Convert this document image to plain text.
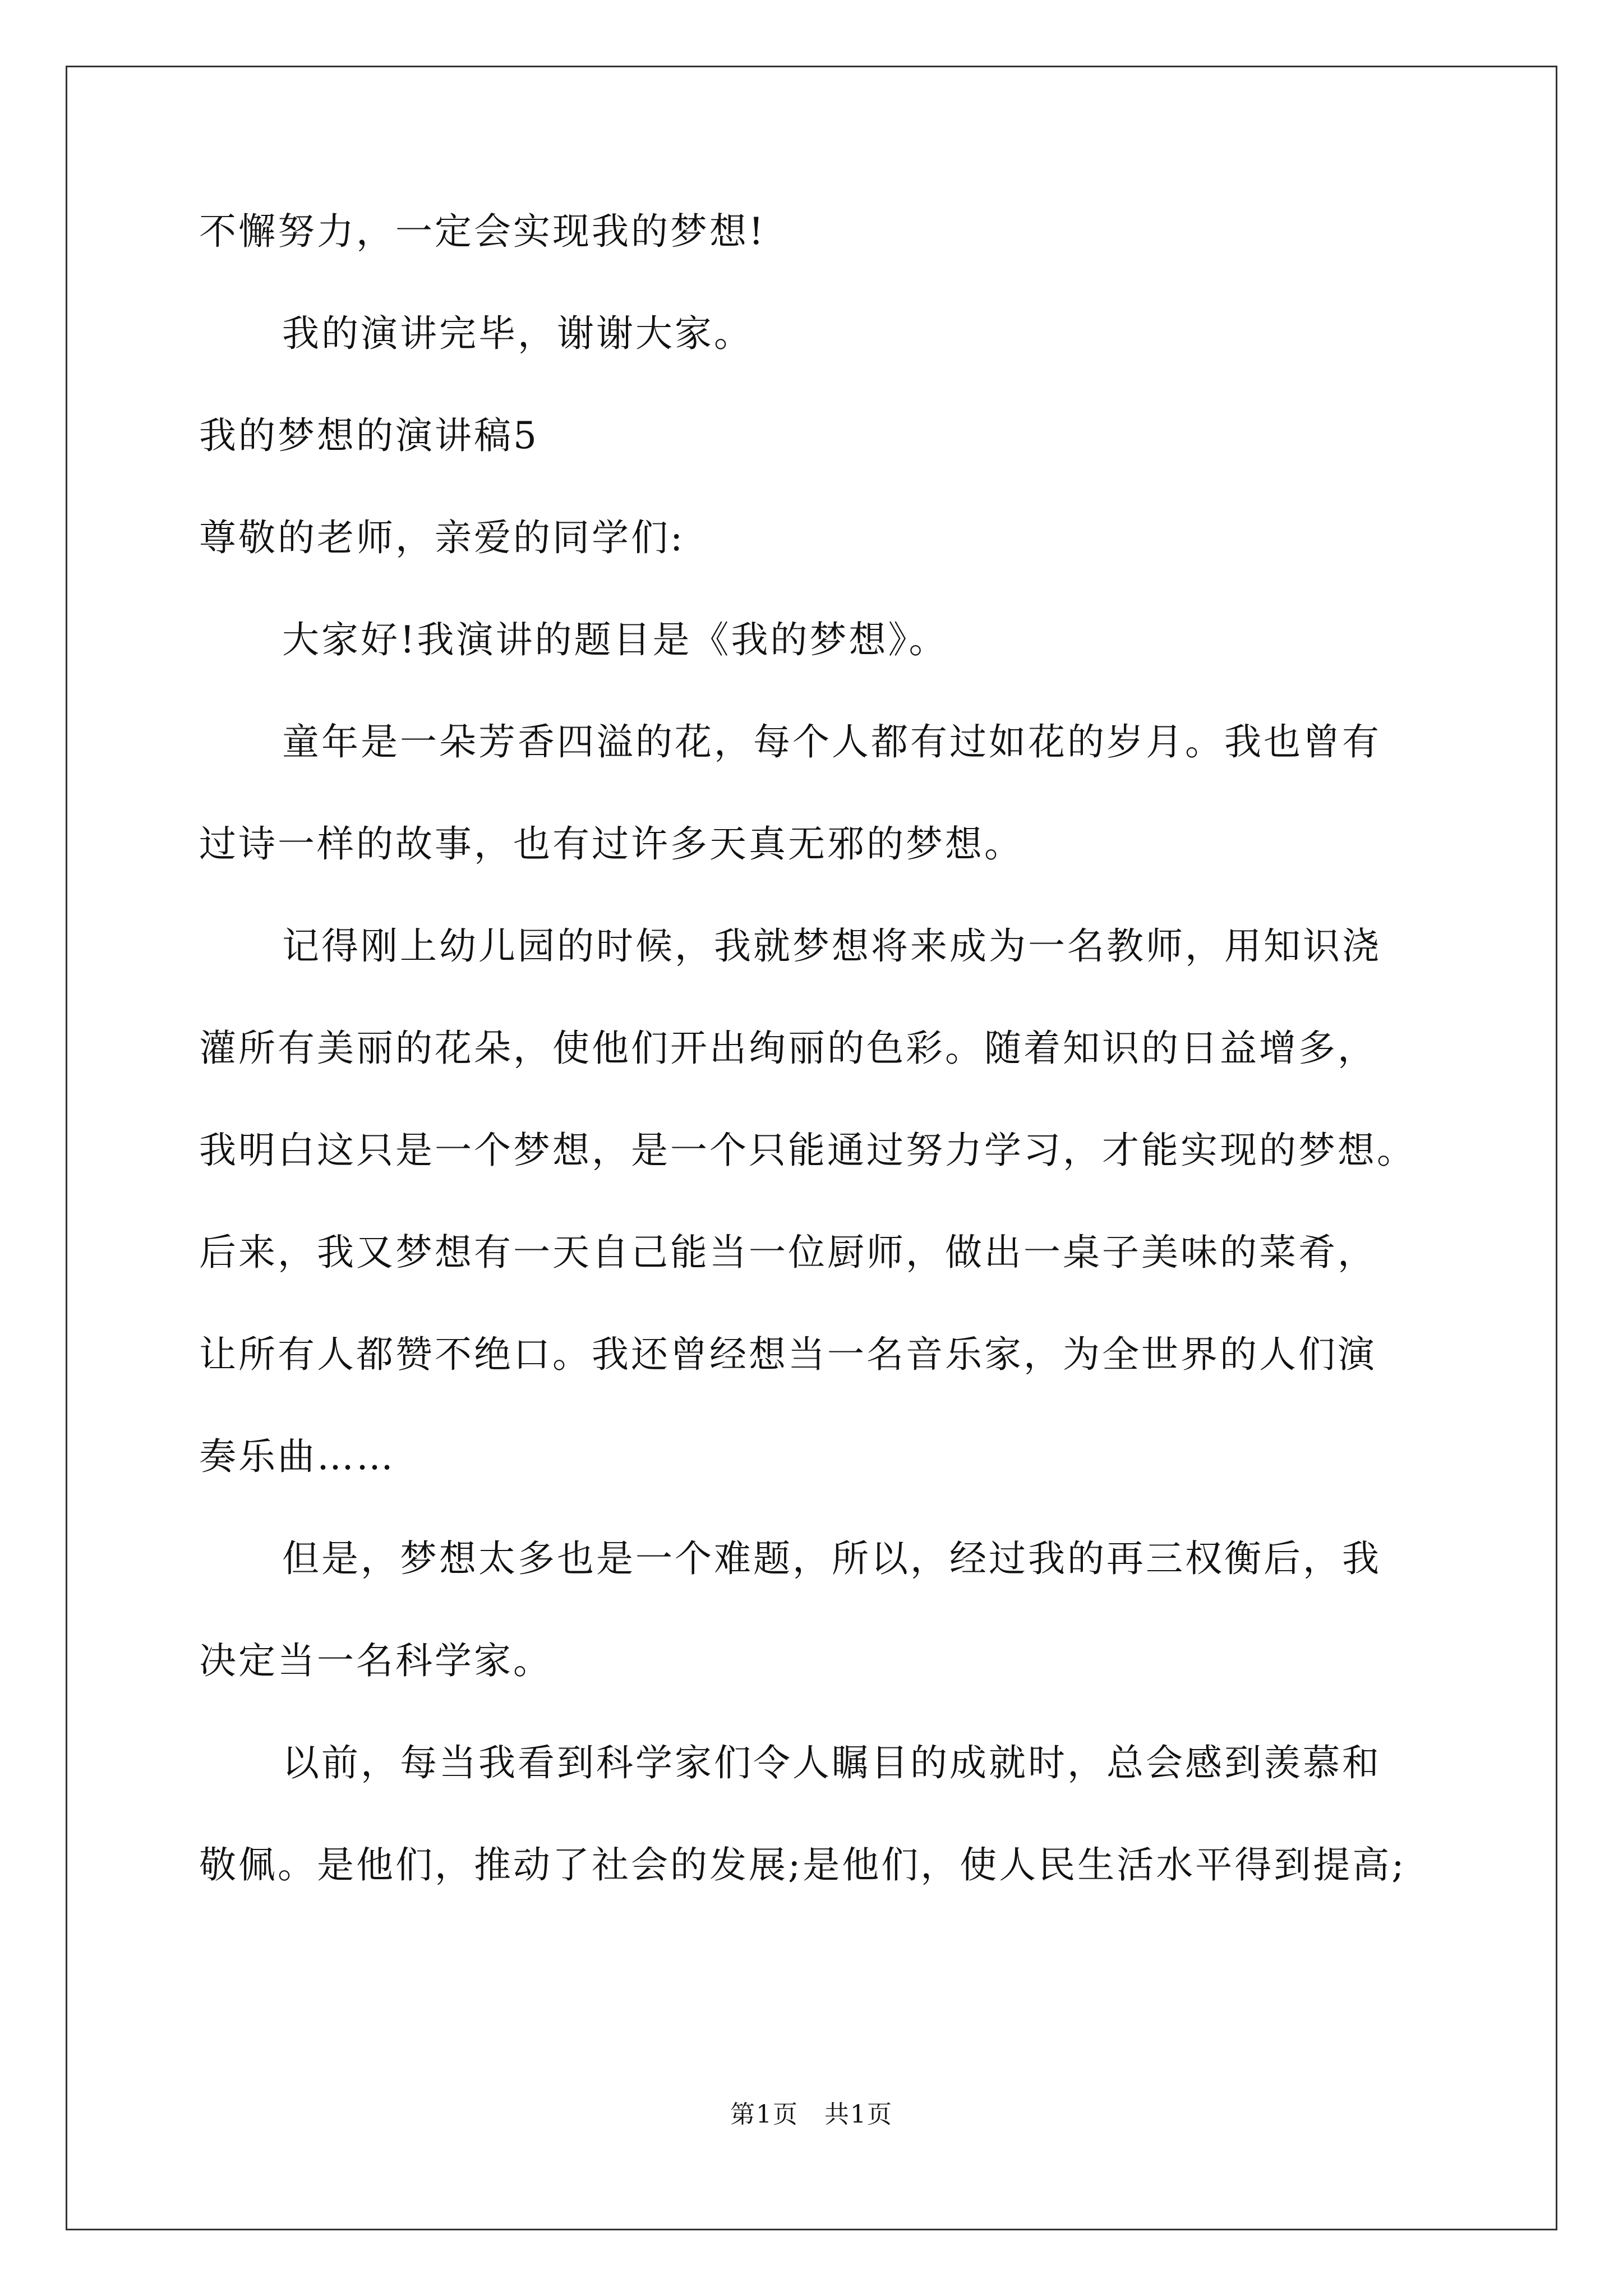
不懈努力，一定会实现我的梦想!
我的演讲完毕，谢谢大家。
我的梦想的演讲稿5
尊敬的老师，亲爱的同学们:
大家好!我演讲的题目是《我的梦想》。
童年是一朵芳香四溢的花，每个人都有过如花的岁月。我也曾有
过诗一样的故事，也有过许多天真无邪的梦想。
记得刚上幼儿园的时候，我就梦想将来成为一名教师，用知识浇
灌所有美丽的花朵，使他们开出绚丽的色彩。随着知识的日益增多，
我明白这只是一个梦想，是一个只能通过努力学习，才能实现的梦想。
后来，我又梦想有一天自己能当一位厨师，做出一桌子美味的菜肴，
让所有人都赞不绝口。我还曾经想当一名音乐家，为全世界的人们演
奏乐曲……
但是，梦想太多也是一个难题，所以，经过我的再三权衡后，我
决定当一名科学家。
以前，每当我看到科学家们令人瞩目的成就时，总会感到羡慕和
敬佩。是他们，推动了社会的发展;是他们，使人民生活水平得到提高;
第1页　共1页
